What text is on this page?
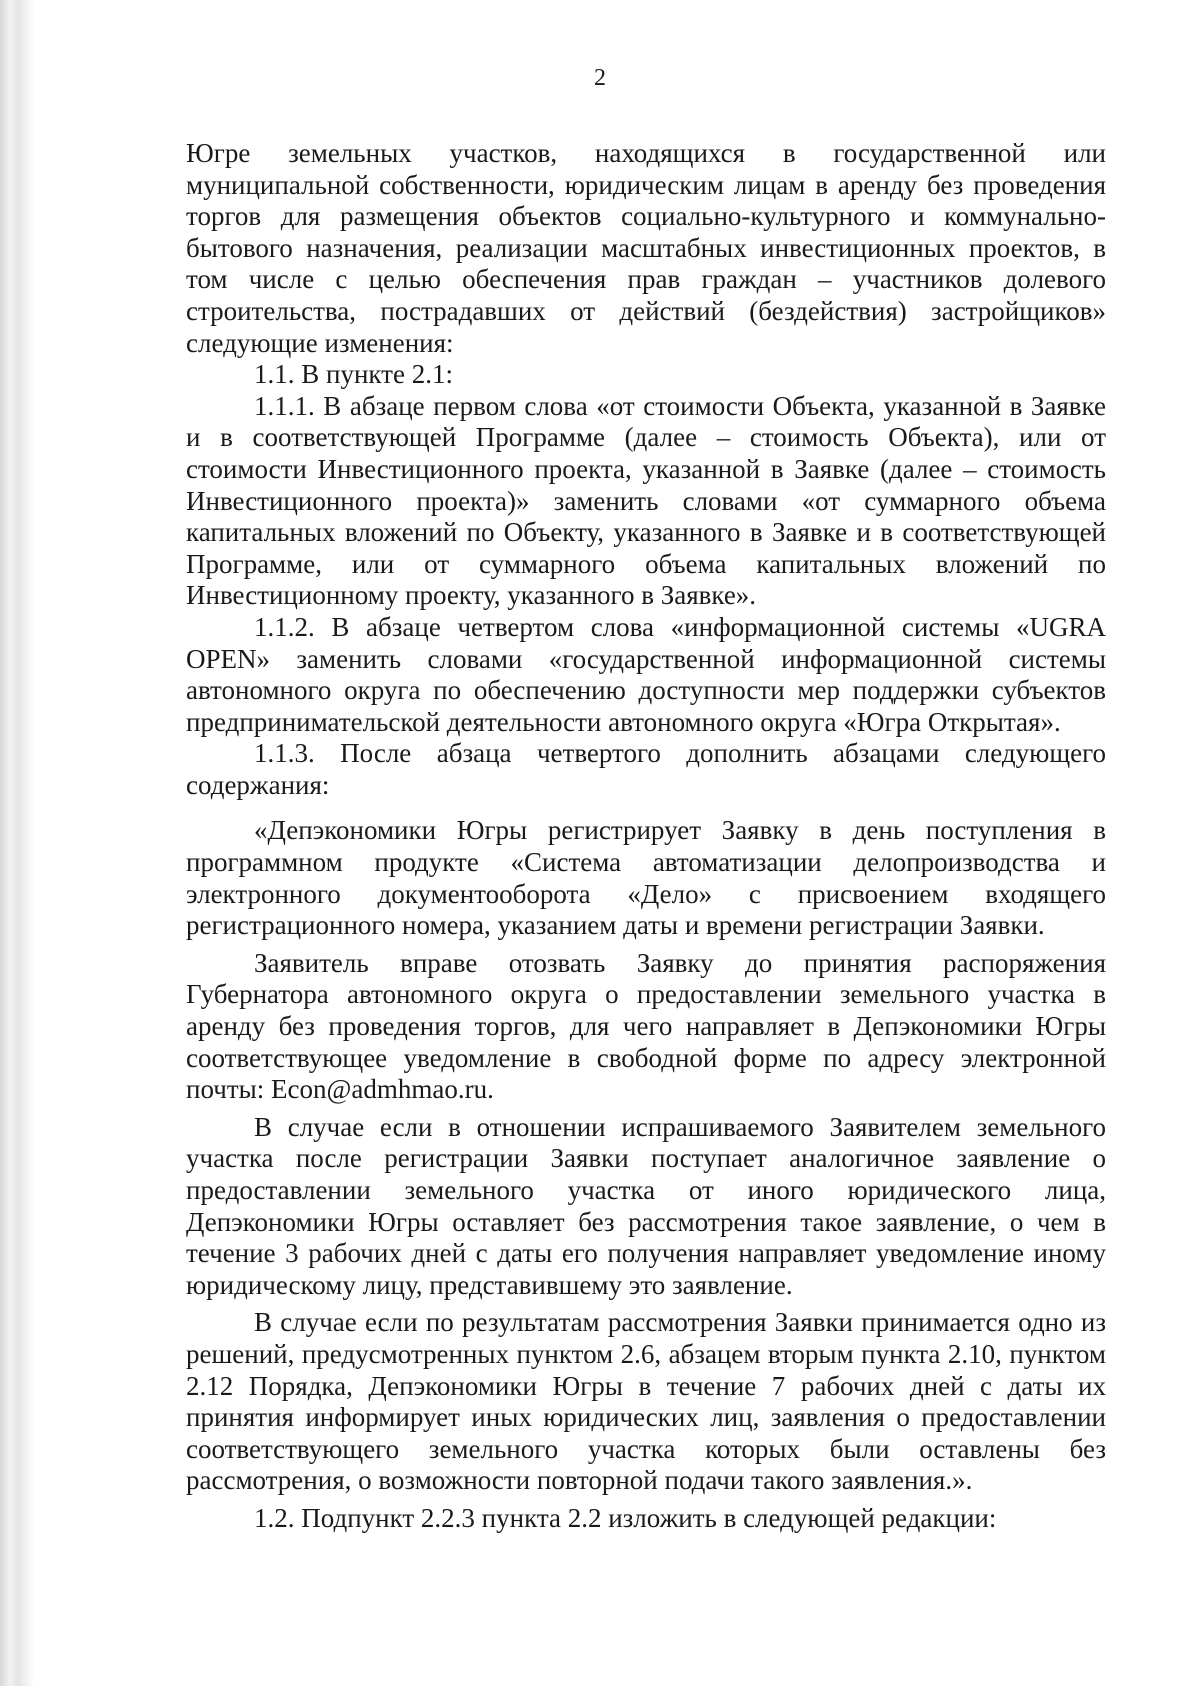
2

Югре земельных участков, находящихся в государственной или муниципальной собственности, юридическим лицам в аренду без проведения торгов для размещения объектов социально-культурного и коммунально-бытового назначения, реализации масштабных инвестиционных проектов, в том числе с целью обеспечения прав граждан – участников долевого строительства, пострадавших от действий (бездействия) застройщиков» следующие изменения:

1.1. В пункте 2.1:

1.1.1. В абзаце первом слова «от стоимости Объекта, указанной в Заявке и в соответствующей Программе (далее – стоимость Объекта), или от стоимости Инвестиционного проекта, указанной в Заявке (далее – стоимость Инвестиционного проекта)» заменить словами «от суммарного объема капитальных вложений по Объекту, указанного в Заявке и в соответствующей Программе, или от суммарного объема капитальных вложений по Инвестиционному проекту, указанного в Заявке».

1.1.2. В абзаце четвертом слова «информационной системы «UGRA OPEN» заменить словами «государственной информационной системы автономного округа по обеспечению доступности мер поддержки субъектов предпринимательской деятельности автономного округа «Югра Открытая».

1.1.3. После абзаца четвертого дополнить абзацами следующего содержания:

«Депэкономики Югры регистрирует Заявку в день поступления в программном продукте «Система автоматизации делопроизводства и электронного документооборота «Дело» с присвоением входящего регистрационного номера, указанием даты и времени регистрации Заявки.

Заявитель вправе отозвать Заявку до принятия распоряжения Губернатора автономного округа о предоставлении земельного участка в аренду без проведения торгов, для чего направляет в Депэкономики Югры соответствующее уведомление в свободной форме по адресу электронной почты: Econ@admhmao.ru.

В случае если в отношении испрашиваемого Заявителем земельного участка после регистрации Заявки поступает аналогичное заявление о предоставлении земельного участка от иного юридического лица, Депэкономики Югры оставляет без рассмотрения такое заявление, о чем в течение 3 рабочих дней с даты его получения направляет уведомление иному юридическому лицу, представившему это заявление.

В случае если по результатам рассмотрения Заявки принимается одно из решений, предусмотренных пунктом 2.6, абзацем вторым пункта 2.10, пунктом 2.12 Порядка, Депэкономики Югры в течение 7 рабочих дней с даты их принятия информирует иных юридических лиц, заявления о предоставлении соответствующего земельного участка которых были оставлены без рассмотрения, о возможности повторной подачи такого заявления.».

1.2. Подпункт 2.2.3 пункта 2.2 изложить в следующей редакции:
